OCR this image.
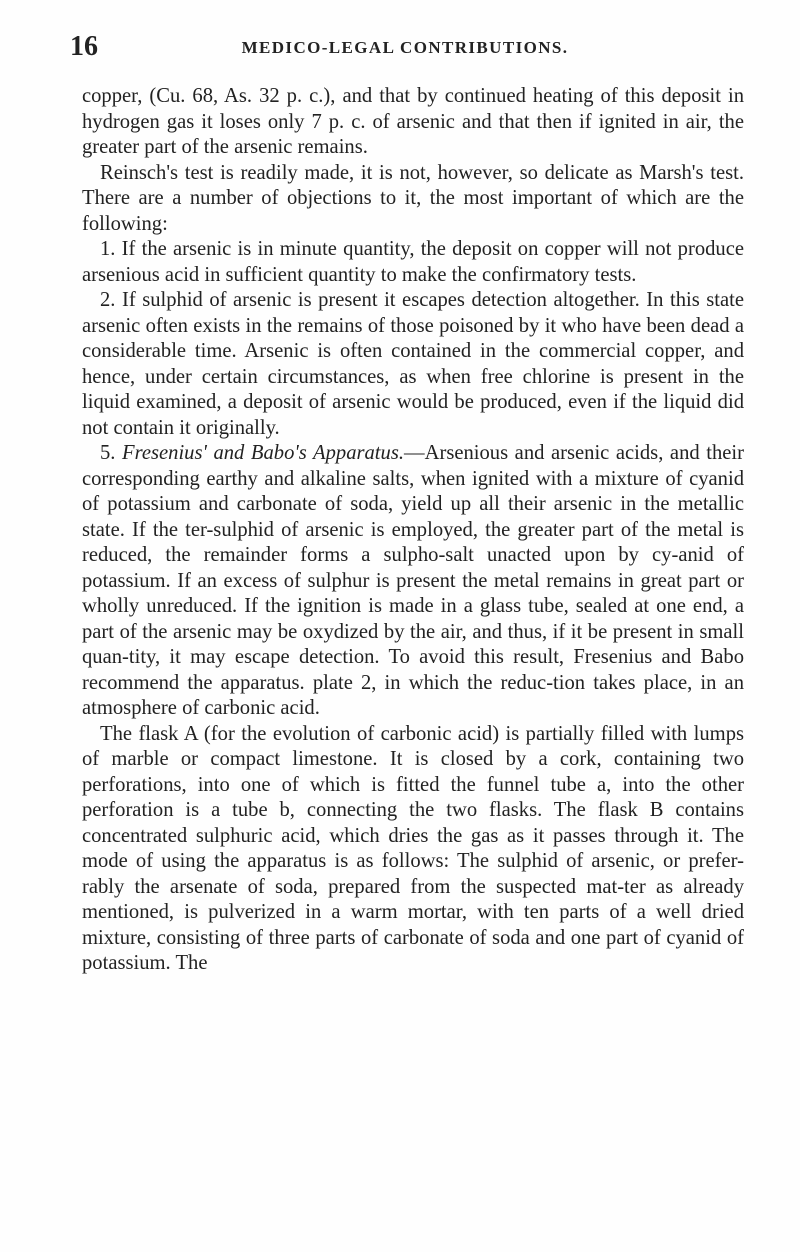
16	MEDICO-LEGAL CONTRIBUTIONS.

copper, (Cu. 68, As. 32 p. c.), and that by continued heating of this deposit in hydrogen gas it loses only 7 p. c. of arsenic and that then if ignited in air, the greater part of the arsenic remains.

Reinsch's test is readily made, it is not, however, so delicate as Marsh's test. There are a number of objections to it, the most important of which are the following:

1. If the arsenic is in minute quantity, the deposit on copper will not produce arsenious acid in sufficient quantity to make the confirmatory tests.

2. If sulphid of arsenic is present it escapes detection altogether. In this state arsenic often exists in the remains of those poisoned by it who have been dead a considerable time. Arsenic is often contained in the commercial copper, and hence, under certain circumstances, as when free chlorine is present in the liquid examined, a deposit of arsenic would be produced, even if the liquid did not contain it originally.

5. Fresenius' and Babo's Apparatus.—Arsenious and arsenic acids, and their corresponding earthy and alkaline salts, when ignited with a mixture of cyanid of potassium and carbonate of soda, yield up all their arsenic in the metallic state. If the ter-sulphid of arsenic is employed, the greater part of the metal is reduced, the remainder forms a sulpho-salt unacted upon by cy-anid of potassium. If an excess of sulphur is present the metal remains in great part or wholly unreduced. If the ignition is made in a glass tube, sealed at one end, a part of the arsenic may be oxydized by the air, and thus, if it be present in small quan-tity, it may escape detection. To avoid this result, Fresenius and Babo recommend the apparatus. plate 2, in which the reduc-tion takes place, in an atmosphere of carbonic acid.

The flask A (for the evolution of carbonic acid) is partially filled with lumps of marble or compact limestone. It is closed by a cork, containing two perforations, into one of which is fitted the funnel tube a, into the other perforation is a tube b, connecting the two flasks. The flask B contains concentrated sulphuric acid, which dries the gas as it passes through it. The mode of using the apparatus is as follows: The sulphid of arsenic, or prefer-rably the arsenate of soda, prepared from the suspected mat-ter as already mentioned, is pulverized in a warm mortar, with ten parts of a well dried mixture, consisting of three parts of carbonate of soda and one part of cyanid of potassium. The
